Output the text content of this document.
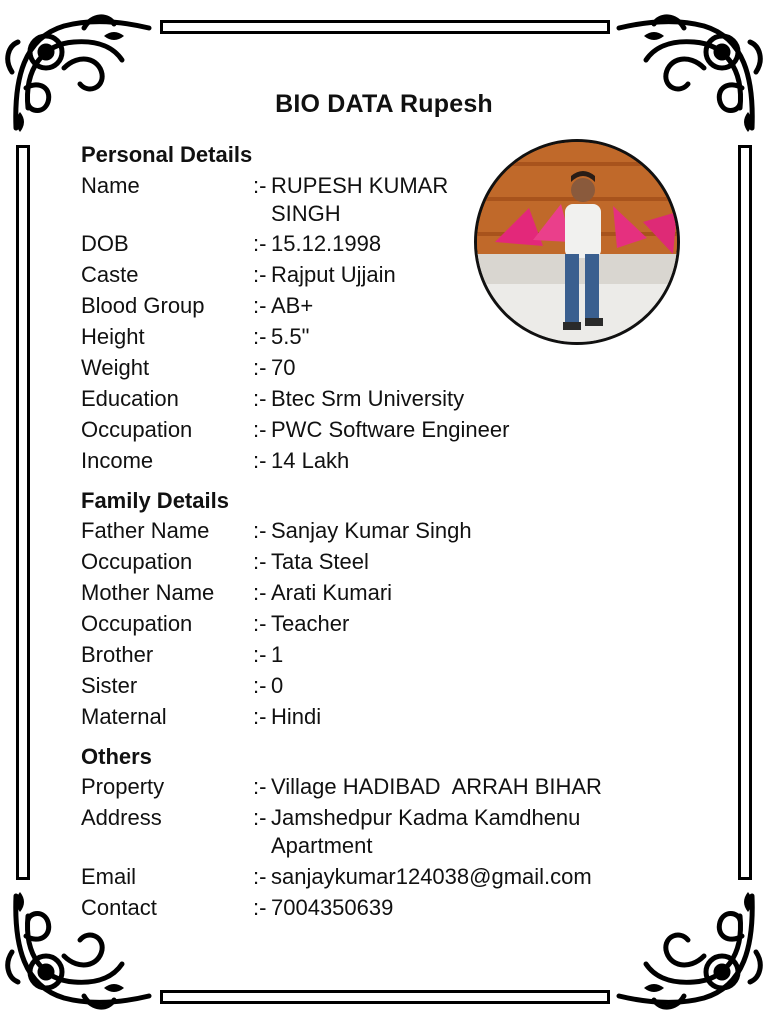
BIO DATA Rupesh
Personal Details
Name	:- RUPESH KUMAR SINGH
DOB	:- 15.12.1998
Caste	:- Rajput Ujjain
Blood Group :- AB+
Height	:- 5.5"
Weight	:- 70
Education	:- Btec Srm University
Occupation	:- PWC Software Engineer
Income	:- 14 Lakh
Family Details
Father Name :- Sanjay Kumar Singh
Occupation	:- Tata Steel
Mother Name :- Arati Kumari
Occupation	:- Teacher
Brother	:- 1
Sister	:- 0
Maternal	:- Hindi
Others
Property	:- Village HADIBAD  ARRAH BIHAR
Address	:- Jamshedpur Kadma Kamdhenu Apartment
Email	:- sanjaykumar124038@gmail.com
Contact	:- 7004350639
